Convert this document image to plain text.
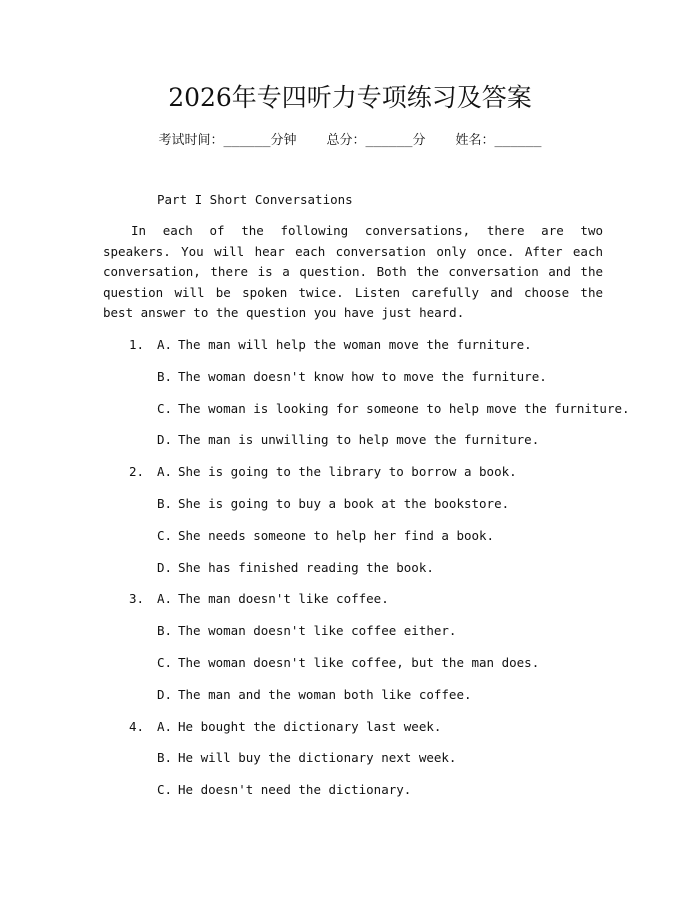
2026年专四听力专项练习及答案
考试时间：______分钟 总分：______分 姓名：______
Part I Short Conversations

In each of the following conversations, there are two speakers. You will hear each conversation only once. After each conversation, there is a question. Both the conversation and the question will be spoken twice. Listen carefully and choose the best answer to the question you have just heard.

1. A. The man will help the woman move the furniture.
B. The woman doesn't know how to move the furniture.
C. The woman is looking for someone to help move the furniture.
D. The man is unwilling to help move the furniture.
2. A. She is going to the library to borrow a book.
B. She is going to buy a book at the bookstore.
C. She needs someone to help her find a book.
D. She has finished reading the book.
3. A. The man doesn't like coffee.
B. The woman doesn't like coffee either.
C. The woman doesn't like coffee, but the man does.
D. The man and the woman both like coffee.
4. A. He bought the dictionary last week.
B. He will buy the dictionary next week.
C. He doesn't need the dictionary.
